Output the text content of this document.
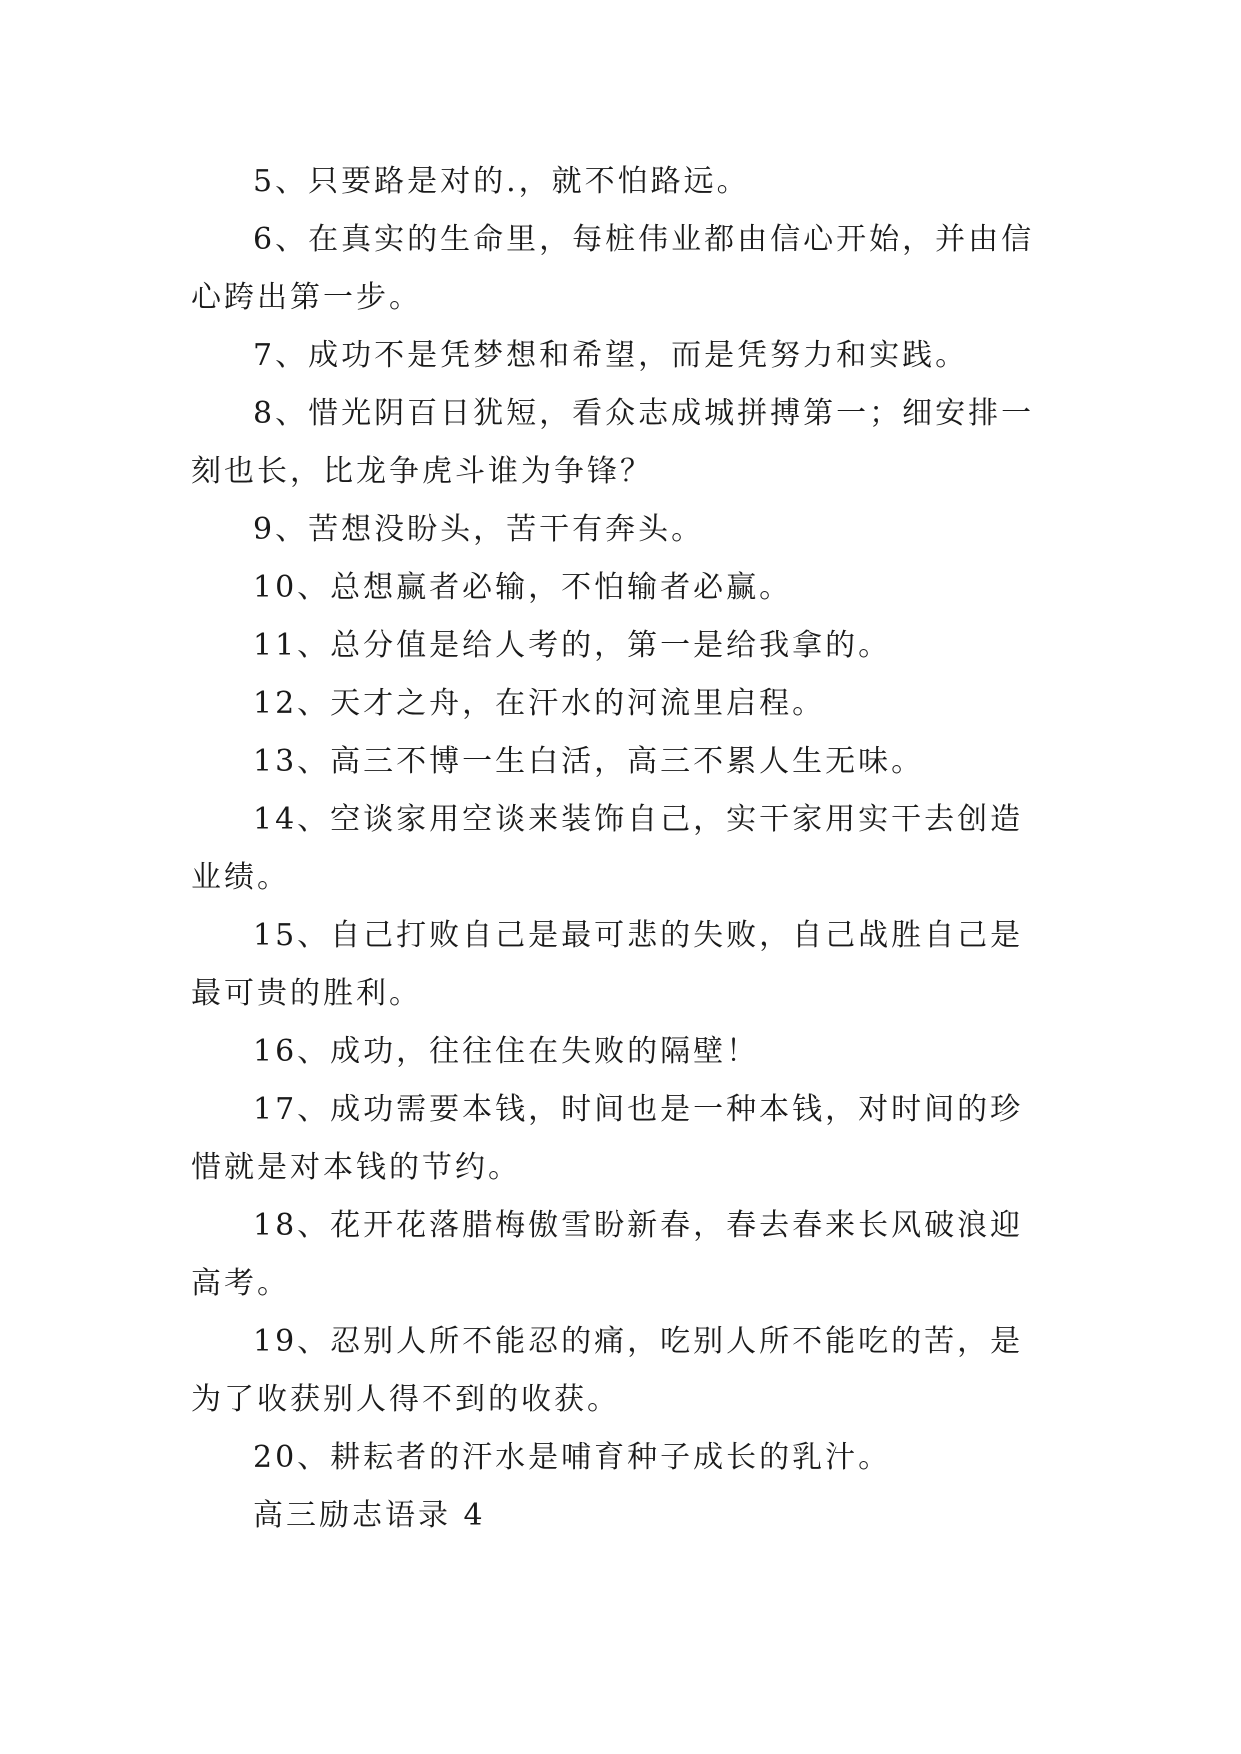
5、只要路是对的.，就不怕路远。

6、在真实的生命里，每桩伟业都由信心开始，并由信心跨出第一步。

7、成功不是凭梦想和希望，而是凭努力和实践。

8、惜光阴百日犹短，看众志成城拼搏第一；细安排一刻也长，比龙争虎斗谁为争锋？

9、苦想没盼头，苦干有奔头。

10、总想赢者必输，不怕输者必赢。

11、总分值是给人考的，第一是给我拿的。

12、天才之舟，在汗水的河流里启程。

13、高三不博一生白活，高三不累人生无味。

14、空谈家用空谈来装饰自己，实干家用实干去创造业绩。

15、自己打败自己是最可悲的失败，自己战胜自己是最可贵的胜利。

16、成功，往往住在失败的隔壁！

17、成功需要本钱，时间也是一种本钱，对时间的珍惜就是对本钱的节约。

18、花开花落腊梅傲雪盼新春，春去春来长风破浪迎高考。

19、忍别人所不能忍的痛，吃别人所不能吃的苦，是为了收获别人得不到的收获。

20、耕耘者的汗水是哺育种子成长的乳汁。

高三励志语录 4
